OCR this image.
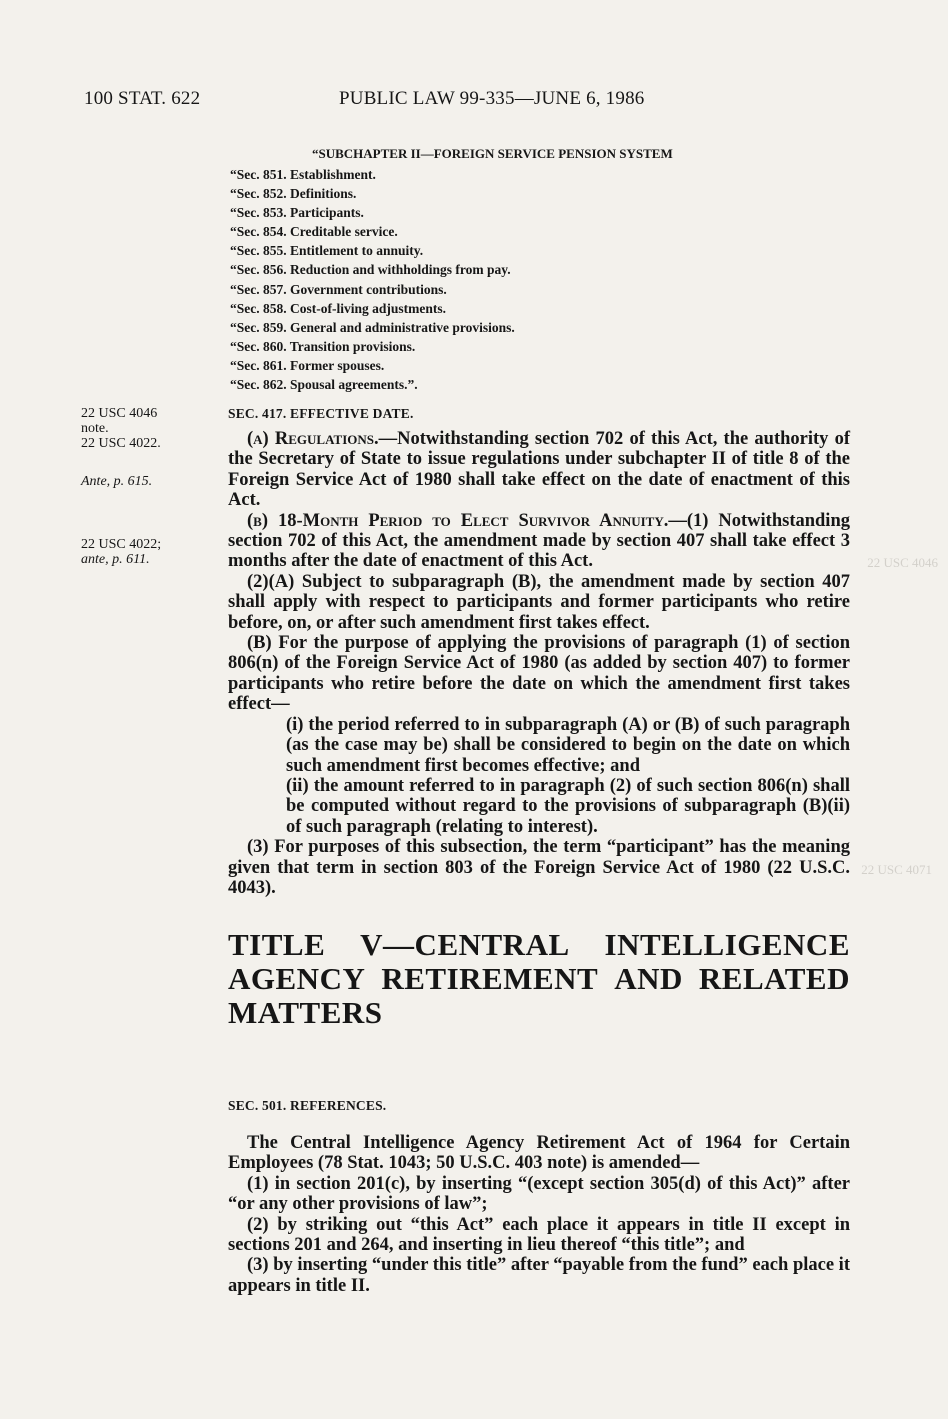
22 USC 4046
22 USC 4071
100 STAT. 622	PUBLIC LAW 99-335—JUNE 6, 1986
“SUBCHAPTER II—FOREIGN SERVICE PENSION SYSTEM
“Sec. 851. Establishment.
“Sec. 852. Definitions.
“Sec. 853. Participants.
“Sec. 854. Creditable service.
“Sec. 855. Entitlement to annuity.
“Sec. 856. Reduction and withholdings from pay.
“Sec. 857. Government contributions.
“Sec. 858. Cost-of-living adjustments.
“Sec. 859. General and administrative provisions.
“Sec. 860. Transition provisions.
“Sec. 861. Former spouses.
“Sec. 862. Spousal agreements.”.
22 USC 4046
note.
22 USC 4022.
Ante, p. 615.
22 USC 4022;
ante, p. 611.
SEC. 417. EFFECTIVE DATE.

(a) Regulations.—Notwithstanding section 702 of this Act, the authority of the Secretary of State to issue regulations under subchapter II of title 8 of the Foreign Service Act of 1980 shall take effect on the date of enactment of this Act.

(b) 18-Month Period to Elect Survivor Annuity.—(1) Notwithstanding section 702 of this Act, the amendment made by section 407 shall take effect 3 months after the date of enactment of this Act.

(2)(A) Subject to subparagraph (B), the amendment made by section 407 shall apply with respect to participants and former participants who retire before, on, or after such amendment first takes effect.

(B) For the purpose of applying the provisions of paragraph (1) of section 806(n) of the Foreign Service Act of 1980 (as added by section 407) to former participants who retire before the date on which the amendment first takes effect—

(i) the period referred to in subparagraph (A) or (B) of such paragraph (as the case may be) shall be considered to begin on the date on which such amendment first becomes effective; and

(ii) the amount referred to in paragraph (2) of such section 806(n) shall be computed without regard to the provisions of subparagraph (B)(ii) of such paragraph (relating to interest).

(3) For purposes of this subsection, the term “participant” has the meaning given that term in section 803 of the Foreign Service Act of 1980 (22 U.S.C. 4043).

TITLE V—CENTRAL INTELLIGENCE
AGENCY RETIREMENT AND RELATED
MATTERS
SEC. 501. REFERENCES.

The Central Intelligence Agency Retirement Act of 1964 for Certain Employees (78 Stat. 1043; 50 U.S.C. 403 note) is amended—

(1) in section 201(c), by inserting “(except section 305(d) of this Act)” after “or any other provisions of law”;

(2) by striking out “this Act” each place it appears in title II except in sections 201 and 264, and inserting in lieu thereof “this title”; and

(3) by inserting “under this title” after “payable from the fund” each place it appears in title II.
